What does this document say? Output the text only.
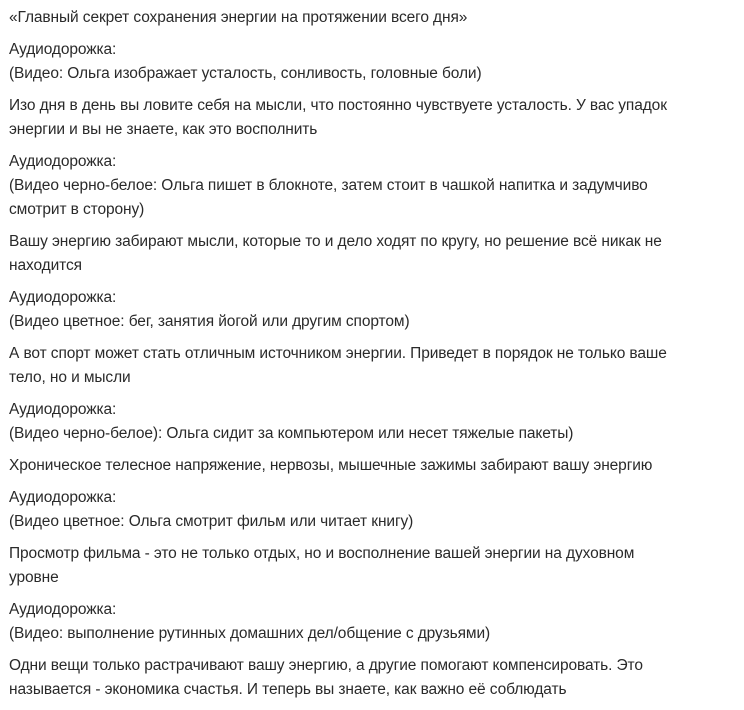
«Главный секрет сохранения энергии на протяжении всего дня»
Аудиодорожка:
(Видео: Ольга изображает усталость, сонливость, головные боли)
Изо дня в день вы ловите себя на мысли, что постоянно чувствуете усталость. У вас упадок
энергии и вы не знаете, как это восполнить
Аудиодорожка:
(Видео черно-белое: Ольга пишет в блокноте, затем стоит в чашкой напитка и задумчиво
смотрит в сторону)
Вашу энергию забирают мысли, которые то и дело ходят по кругу, но решение всё никак не
находится
Аудиодорожка:
(Видео цветное: бег, занятия йогой или другим спортом)
А вот спорт может стать отличным источником энергии. Приведет в порядок не только ваше
тело, но и мысли
Аудиодорожка:
(Видео черно-белое): Ольга сидит за компьютером или несет тяжелые пакеты)
Хроническое телесное напряжение, нервозы, мышечные зажимы забирают вашу энергию
Аудиодорожка:
(Видео цветное: Ольга смотрит фильм или читает книгу)
Просмотр фильма - это не только отдых, но и восполнение вашей энергии на духовном
уровне
Аудиодорожка:
(Видео: выполнение рутинных домашних дел/общение с друзьями)
Одни вещи только растрачивают вашу энергию, а другие помогают компенсировать. Это
называется - экономика счастья. И теперь вы знаете, как важно её соблюдать
